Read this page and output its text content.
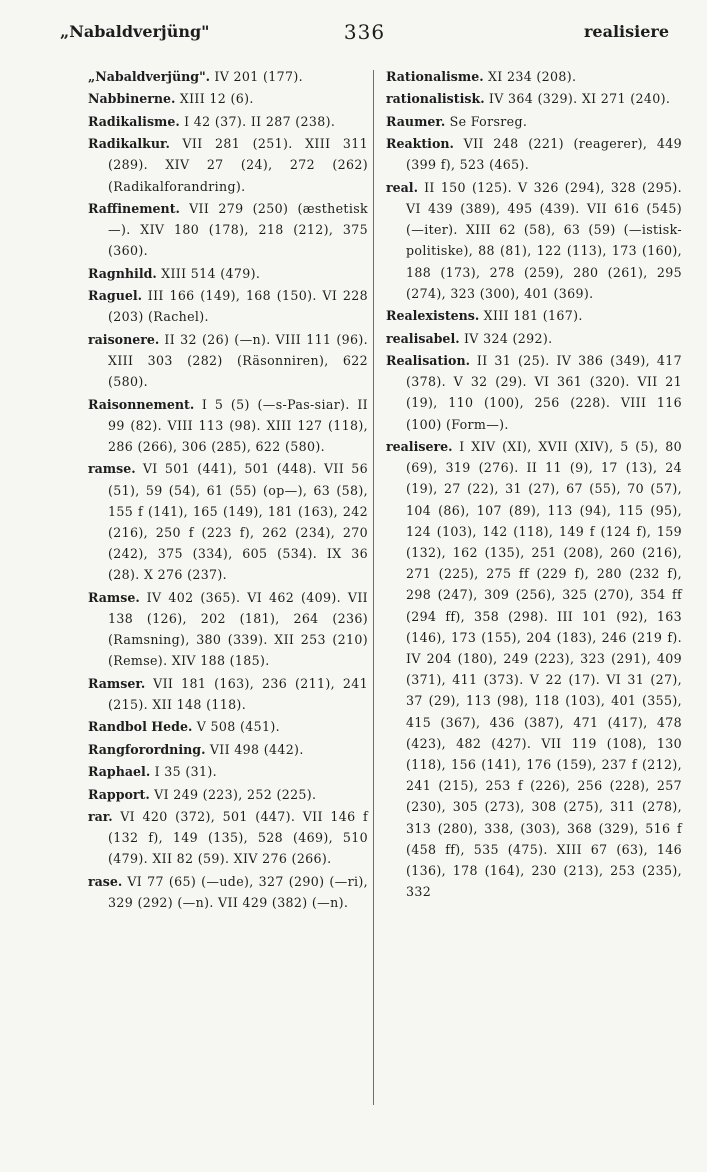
„Nabaldverjüng"	336	realisiere
„Nabaldverjüng". IV 201 (177).
Nabbinerne. XIII 12 (6).
Radikalisme. I 42 (37). II 287 (238).
Radikalkur. VII 281 (251). XIII 311 (289). XIV 27 (24), 272 (262) (Radikalforandring).
Raffinement. VII 279 (250) (æsthetisk —). XIV 180 (178), 218 (212), 375 (360).
Ragnhild. XIII 514 (479).
Raguel. III 166 (149), 168 (150). VI 228 (203) (Rachel).
raisonere. II 32 (26) (—n). VIII 111 (96). XIII 303 (282) (Räsonniren), 622 (580).
Raisonnement. I 5 (5) (—s-Pas-siar). II 99 (82). VIII 113 (98). XIII 127 (118), 286 (266), 306 (285), 622 (580).
ramse. VI 501 (441), 501 (448). VII 56 (51), 59 (54), 61 (55) (op—), 63 (58), 155 f (141), 165 (149), 181 (163), 242 (216), 250 f (223 f), 262 (234), 270 (242), 375 (334), 605 (534). IX 36 (28). X 276 (237).
Ramse. IV 402 (365). VI 462 (409). VII 138 (126), 202 (181), 264 (236) (Ramsning), 380 (339). XII 253 (210) (Remse). XIV 188 (185).
Ramser. VII 181 (163), 236 (211), 241 (215). XII 148 (118).
Randbol Hede. V 508 (451).
Rangforordning. VII 498 (442).
Raphael. I 35 (31).
Rapport. VI 249 (223), 252 (225).
rar. VI 420 (372), 501 (447). VII 146 f (132 f), 149 (135), 528 (469), 510 (479). XII 82 (59). XIV 276 (266).
rase. VI 77 (65) (—ude), 327 (290) (—ri), 329 (292) (—n). VII 429 (382) (—n).
Rationalisme. XI 234 (208).
rationalistisk. IV 364 (329). XI 271 (240).
Raumer. Se Forsreg.
Reaktion. VII 248 (221) (reagerer), 449 (399 f), 523 (465).
real. II 150 (125). V 326 (294), 328 (295). VI 439 (389), 495 (439). VII 616 (545) (—iter). XIII 62 (58), 63 (59) (—istisk-politiske), 88 (81), 122 (113), 173 (160), 188 (173), 278 (259), 280 (261), 295 (274), 323 (300), 401 (369).
Realexistens. XIII 181 (167).
realisabel. IV 324 (292).
Realisation. II 31 (25). IV 386 (349), 417 (378). V 32 (29). VI 361 (320). VII 21 (19), 110 (100), 256 (228). VIII 116 (100) (Form—).
realisere. I XIV (XI), XVII (XIV), 5 (5), 80 (69), 319 (276). II 11 (9), 17 (13), 24 (19), 27 (22), 31 (27), 67 (55), 70 (57), 104 (86), 107 (89), 113 (94), 115 (95), 124 (103), 142 (118), 149 f (124 f), 159 (132), 162 (135), 251 (208), 260 (216), 271 (225), 275 ff (229 f), 280 (232 f), 298 (247), 309 (256), 325 (270), 354 ff (294 ff), 358 (298). III 101 (92), 163 (146), 173 (155), 204 (183), 246 (219 f). IV 204 (180), 249 (223), 323 (291), 409 (371), 411 (373). V 22 (17). VI 31 (27), 37 (29), 113 (98), 118 (103), 401 (355), 415 (367), 436 (387), 471 (417), 478 (423), 482 (427). VII 119 (108), 130 (118), 156 (141), 176 (159), 237 f (212), 241 (215), 253 f (226), 256 (228), 257 (230), 305 (273), 308 (275), 311 (278), 313 (280), 338, (303), 368 (329), 516 f (458 ff), 535 (475). XIII 67 (63), 146 (136), 178 (164), 230 (213), 253 (235), 332
